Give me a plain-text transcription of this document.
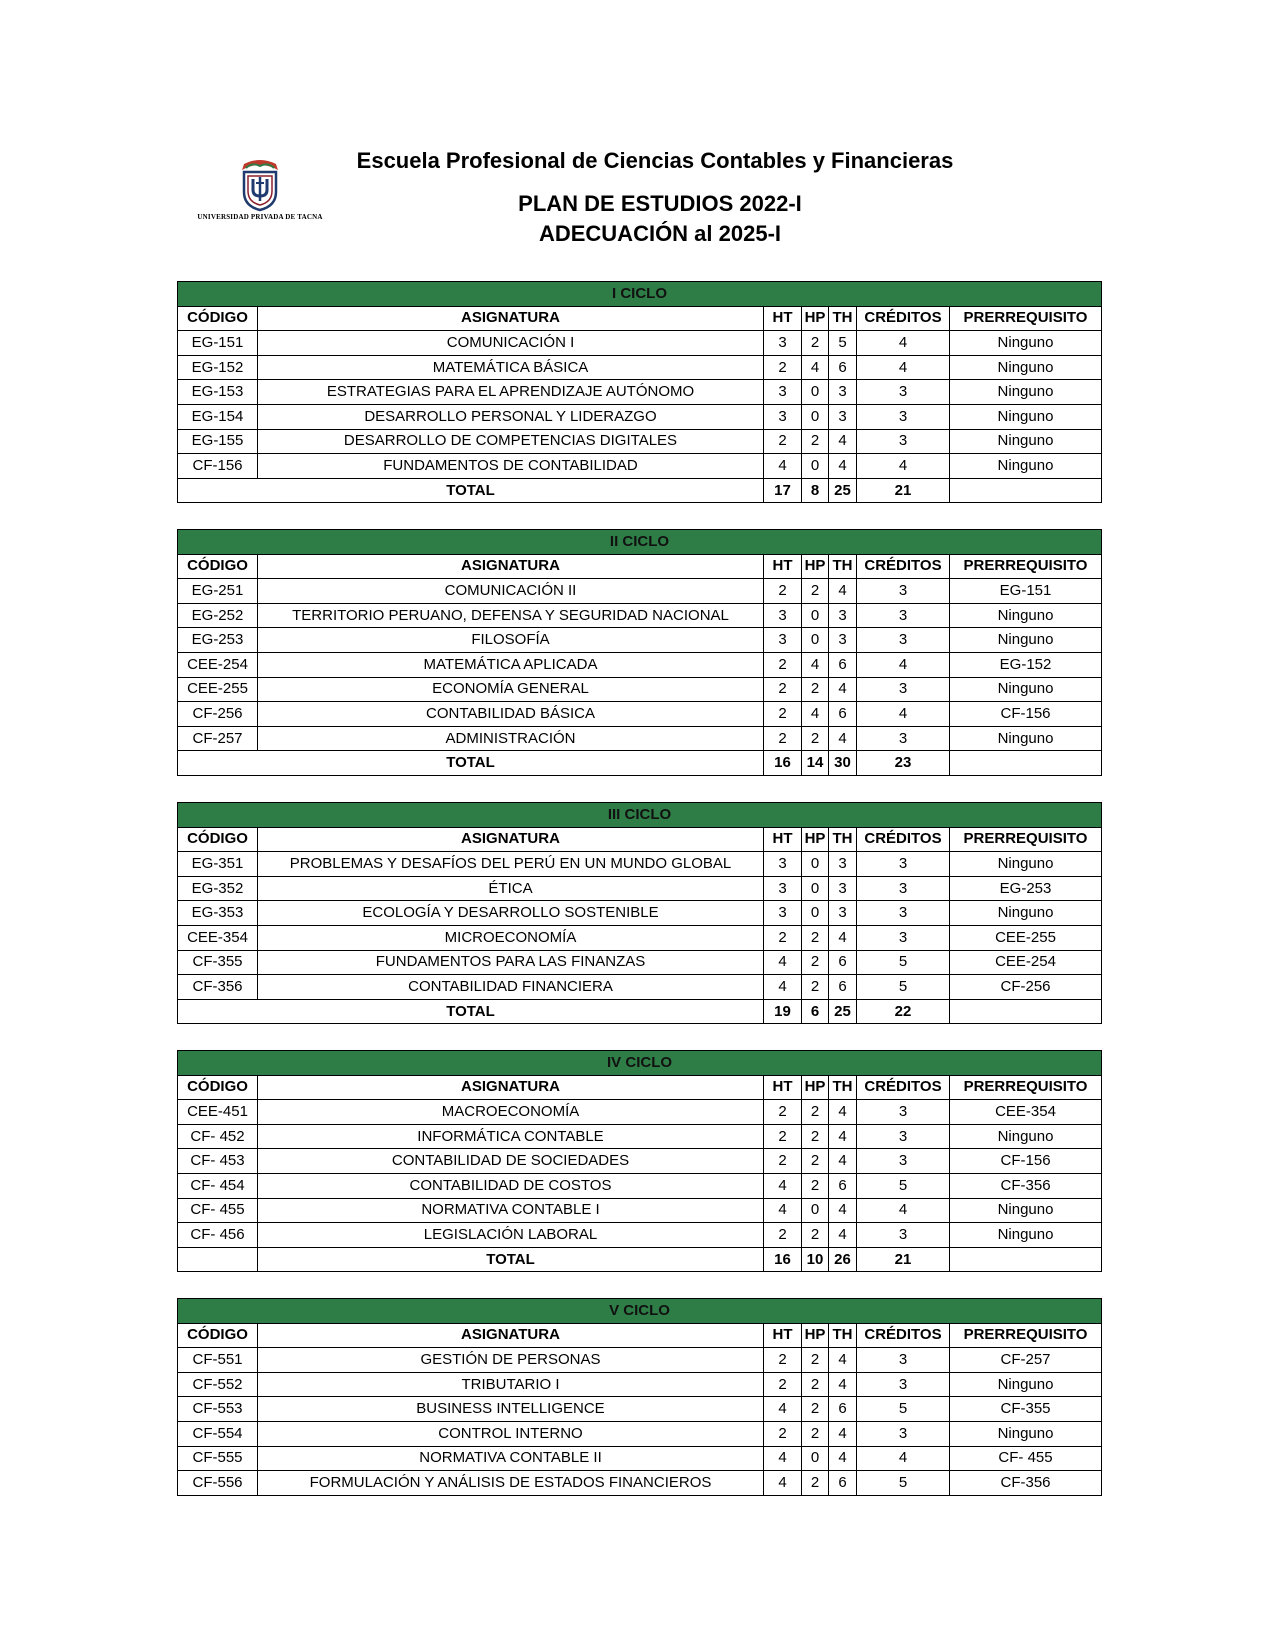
UNIVERSIDAD PRIVADA DE TACNA
Escuela Profesional de Ciencias Contables y Financieras
PLAN DE ESTUDIOS 2022-I
ADECUACIÓN al 2025-I
I CICLO						
CÓDIGO	ASIGNATURA	HT	HP	TH	CRÉDITOS	PRERREQUISITO
EG-151	COMUNICACIÓN I	3	2	5	4	Ninguno
EG-152	MATEMÁTICA BÁSICA	2	4	6	4	Ninguno
EG-153	ESTRATEGIAS PARA EL APRENDIZAJE AUTÓNOMO	3	0	3	3	Ninguno
EG-154	DESARROLLO PERSONAL Y LIDERAZGO	3	0	3	3	Ninguno
EG-155	DESARROLLO DE COMPETENCIAS DIGITALES	2	2	4	3	Ninguno
CF-156	FUNDAMENTOS DE CONTABILIDAD	4	0	4	4	Ninguno
TOTAL		17	8	25	21	
II CICLO						
CÓDIGO	ASIGNATURA	HT	HP	TH	CRÉDITOS	PRERREQUISITO
EG-251	COMUNICACIÓN II	2	2	4	3	EG-151
EG-252	TERRITORIO PERUANO, DEFENSA Y SEGURIDAD NACIONAL	3	0	3	3	Ninguno
EG-253	FILOSOFÍA	3	0	3	3	Ninguno
CEE-254	MATEMÁTICA APLICADA	2	4	6	4	EG-152
CEE-255	ECONOMÍA GENERAL	2	2	4	3	Ninguno
CF-256	CONTABILIDAD BÁSICA	2	4	6	4	CF-156
CF-257	ADMINISTRACIÓN	2	2	4	3	Ninguno
TOTAL		16	14	30	23	
III CICLO						
CÓDIGO	ASIGNATURA	HT	HP	TH	CRÉDITOS	PRERREQUISITO
EG-351	PROBLEMAS Y DESAFÍOS DEL PERÚ EN UN MUNDO GLOBAL	3	0	3	3	Ninguno
EG-352	ÉTICA	3	0	3	3	EG-253
EG-353	ECOLOGÍA Y DESARROLLO SOSTENIBLE	3	0	3	3	Ninguno
CEE-354	MICROECONOMÍA	2	2	4	3	CEE-255
CF-355	FUNDAMENTOS PARA LAS FINANZAS	4	2	6	5	CEE-254
CF-356	CONTABILIDAD FINANCIERA	4	2	6	5	CF-256
TOTAL		19	6	25	22	
IV CICLO						
CÓDIGO	ASIGNATURA	HT	HP	TH	CRÉDITOS	PRERREQUISITO
CEE-451	MACROECONOMÍA	2	2	4	3	CEE-354
CF- 452	INFORMÁTICA CONTABLE	2	2	4	3	Ninguno
CF- 453	CONTABILIDAD DE SOCIEDADES	2	2	4	3	CF-156
CF- 454	CONTABILIDAD DE COSTOS	4	2	6	5	CF-356
CF- 455	NORMATIVA CONTABLE I	4	0	4	4	Ninguno
CF- 456	LEGISLACIÓN LABORAL	2	2	4	3	Ninguno
	TOTAL	16	10	26	21	
V CICLO						
CÓDIGO	ASIGNATURA	HT	HP	TH	CRÉDITOS	PRERREQUISITO
CF-551	GESTIÓN DE PERSONAS	2	2	4	3	CF-257
CF-552	TRIBUTARIO I	2	2	4	3	Ninguno
CF-553	BUSINESS INTELLIGENCE	4	2	6	5	CF-355
CF-554	CONTROL INTERNO	2	2	4	3	Ninguno
CF-555	NORMATIVA CONTABLE II	4	0	4	4	CF- 455
CF-556	FORMULACIÓN Y ANÁLISIS DE ESTADOS FINANCIEROS	4	2	6	5	CF-356
